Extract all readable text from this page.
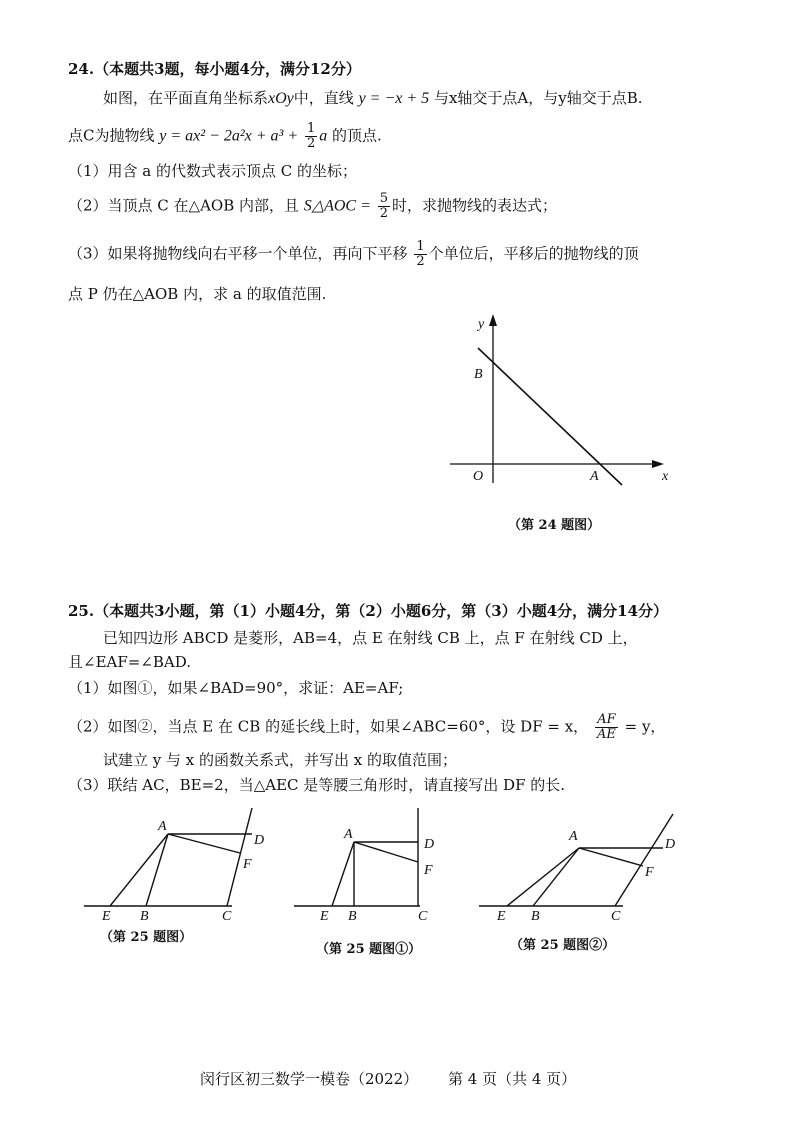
24.（本题共3题，每小题4分，满分12分）
如图，在平面直角坐标系xOy中，直线 y = −x + 5 与x轴交于点A，与y轴交于点B.
点C为抛物线 $y = ax^2 - 2a^2x + a^3 + \frac{1}{2}$ a 的顶点.
（1）用含 a 的代数式表示顶点 C 的坐标；
（2）当顶点 C 在△AOB 内部，且 S△AOC = $\frac{5}{2}$ 时，求抛物线的表达式；
（3）如果将抛物线向右平移一个单位，再向下平移 $\frac{1}{2}$ 个单位后，平移后的抛物线的顶
点 P 仍在△AOB 内，求 a 的取值范围.
y
x
O	A
B
（第 24 题图）
25.（本题共3小题，第（1）小题4分，第（2）小题6分，第（3）小题4分，满分14分）
已知四边形 ABCD 是菱形，AB=4，点 E 在射线 CB 上，点 F 在射线 CD 上，
且∠EAF=∠BAD.
（1）如图①，如果∠BAD=90°，求证：AE=AF;
（2）如图②，当点 E 在 CB 的延长线上时，如果∠ABC=60°，设 DF = x， $\frac{AF}{AE} = y$，
试建立 y 与 x 的函数关系式，并写出 x 的取值范围；
（3）联结 AC，BE=2，当△AEC 是等腰三角形时，请直接写出 DF 的长.
A
D
F
E B	C
（第 25 题图）
A
D
F
E B	C
（第 25 题图①）
A
D
F
E B	C
（第 25 题图②）
闵行区初三数学一模卷（2022） 第 4 页（共 4 页）
